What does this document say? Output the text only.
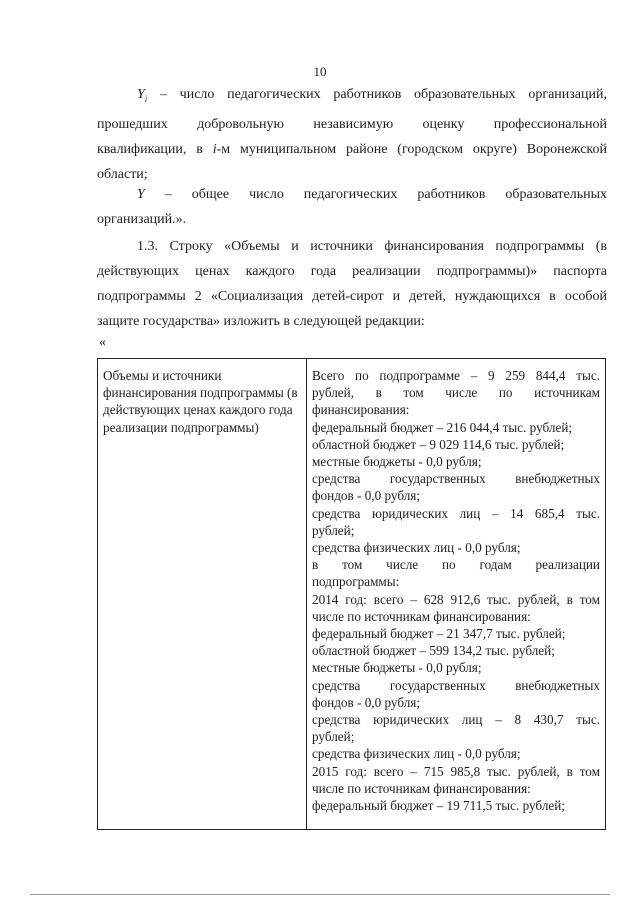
10
$Y_i$ – число педагогических работников образовательных организаций,
прошедших добровольную независимую оценку профессиональной
квалификации, в i-м муниципальном районе (городском округе) Воронежской
области;
Y – общее число педагогических работников образовательных
организаций.».
1.3. Строку «Объемы и источники финансирования подпрограммы (в
действующих ценах каждого года реализации подпрограммы)» паспорта
подпрограммы 2 «Социализация детей-сирот и детей, нуждающихся в особой
защите государства» изложить в следующей редакции:
«
Объемы и источники финансирования подпрограммы (в действующих ценах каждого года реализации подпрограммы)
Всего по подпрограмме – 9 259 844,4 тыс.
рублей, в том числе по источникам
финансирования:
федеральный бюджет – 216 044,4 тыс. рублей;
областной бюджет – 9 029 114,6 тыс. рублей;
местные бюджеты - 0,0 рубля;
средства государственных внебюджетных
фондов - 0,0 рубля;
средства юридических лиц – 14 685,4 тыс.
рублей;
средства физических лиц - 0,0 рубля;
в том числе по годам реализации
подпрограммы:
2014 год: всего – 628 912,6 тыс. рублей, в том
числе по источникам финансирования:
федеральный бюджет – 21 347,7 тыс. рублей;
областной бюджет – 599 134,2 тыс. рублей;
местные бюджеты - 0,0 рубля;
средства государственных внебюджетных
фондов - 0,0 рубля;
средства юридических лиц – 8 430,7 тыс.
рублей;
средства физических лиц - 0,0 рубля;
2015 год: всего – 715 985,8 тыс. рублей, в том
числе по источникам финансирования:
федеральный бюджет – 19 711,5 тыс. рублей;
